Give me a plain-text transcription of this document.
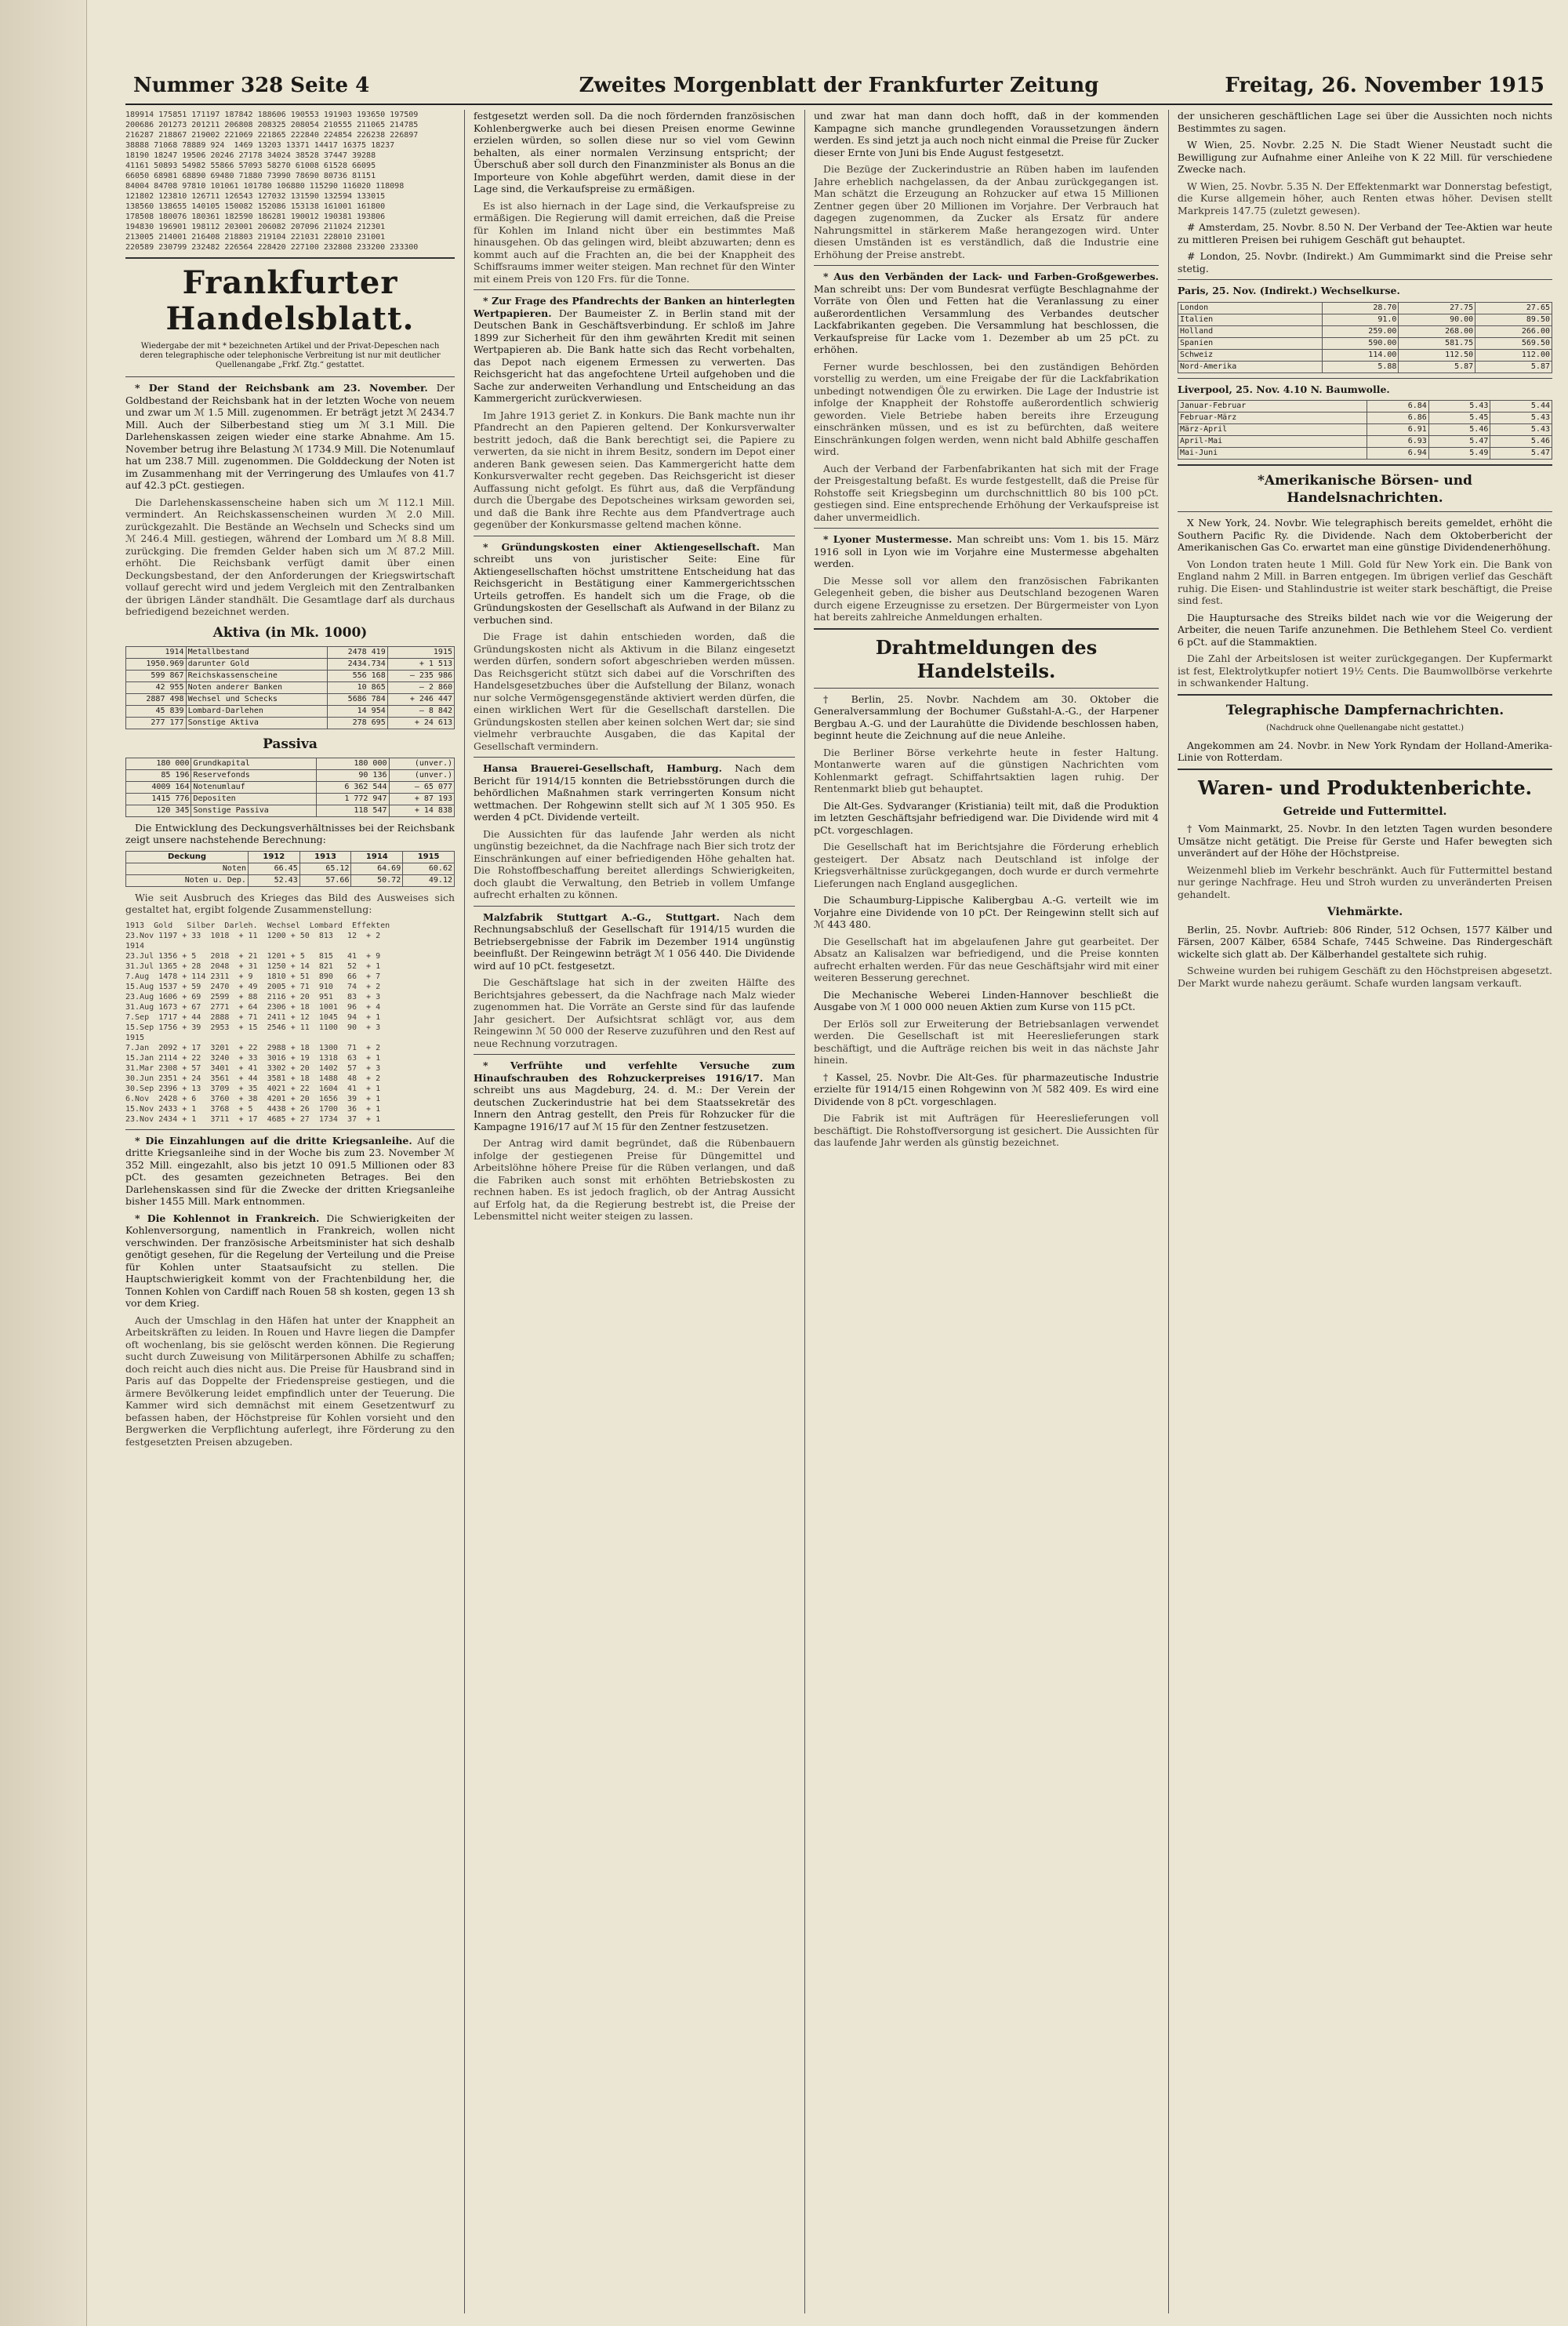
Nummer 328 Seite 4	Zweites Morgenblatt der Frankfurter Zeitung	Freitag, 26. November 1915
189914 175851 171197 187842 188606 190553 191903 193650 197509
200686 201273 201211 206808 208325 208054 210555 211065 214785
216287 218867 219002 221069 221865 222840 224854 226238 226897
38888 71068 78889 924  1469 13203 13371 14417 16375 18237
18190 18247 19506 20246 27178 34024 38528 37447 39288
41161 50893 54982 55866 57093 58270 61008 61528 66095
66050 68981 68890 69480 71880 73990 78690 80736 81151
84004 84708 97810 101061 101780 106880 115290 116020 118098
121802 123810 126711 126543 127032 131590 132594 133015
138560 138655 140105 150082 152086 153138 161001 161800
178508 180076 180361 182590 186281 190012 190381 193806
194830 196901 198112 203001 206082 207096 211024 212301
213005 214001 216408 218803 219104 221031 228010 231001
220589 230799 232482 226564 228420 227100 232808 233200 233300
Frankfurter Handelsblatt.
Wiedergabe der mit * bezeichneten Artikel und der Privat-Depeschen nach deren telegraphische oder telephonische Verbreitung ist nur mit deutlicher Quellenangabe „Frkf. Ztg.“ gestattet.

* Der Stand der Reichsbank am 23. November. Der Goldbestand der Reichsbank hat in der letzten Woche von neuem und zwar um ℳ 1.5 Mill. zugenommen. Er beträgt jetzt ℳ 2434.7 Mill. Auch der Silberbestand stieg um ℳ 3.1 Mill. Die Darlehenskassen zeigen wieder eine starke Abnahme. Am 15. November betrug ihre Belastung ℳ 1734.9 Mill. Die Notenumlauf hat um 238.7 Mill. zugenommen. Die Golddeckung der Noten ist im Zusammenhang mit der Verringerung des Umlaufes von 41.7 auf 42.3 pCt. gestiegen.

Die Darlehenskassenscheine haben sich um ℳ 112.1 Mill. vermindert. An Reichskassenscheinen wurden ℳ 2.0 Mill. zurückgezahlt. Die Bestände an Wechseln und Schecks sind um ℳ 246.4 Mill. gestiegen, während der Lombard um ℳ 8.8 Mill. zurückging. Die fremden Gelder haben sich um ℳ 87.2 Mill. erhöht. Die Reichsbank verfügt damit über einen Deckungsbestand, der den Anforderungen der Kriegswirtschaft vollauf gerecht wird und jedem Vergleich mit den Zentralbanken der übrigen Länder standhält. Die Gesamtlage darf als durchaus befriedigend bezeichnet werden.

Aktiva (in Mk. 1000)
1914	Metallbestand	2478 419	1915
1950.969	darunter Gold	2434.734	+ 1 513
599 867	Reichskassenscheine	556 168	— 235 986
42 955	Noten anderer Banken	10 865	— 2 860
2887 498	Wechsel und Schecks	5686 784	+ 246 447
45 839	Lombard-Darlehen	14 954	— 8 842
277 177	Sonstige Aktiva	278 695	+ 24 613
Passiva
180 000	Grundkapital	180 000	(unver.)
85 196	Reservefonds	90 136	(unver.)
4009 164	Notenumlauf	6 362 544	— 65 077
1415 776	Depositen	1 772 947	+ 87 193
120 345	Sonstige Passiva	118 547	+ 14 838

Die Entwicklung des Deckungsverhältnisses bei der Reichsbank zeigt unsere nachstehende Berechnung:

Deckung	1912	1913	1914	1915
Noten	66.45	65.12	64.69	60.62
Noten u. Dep.	52.43	57.66	50.72	49.12

Wie seit Ausbruch des Krieges das Bild des Ausweises sich gestaltet hat, ergibt folgende Zusammenstellung:

1913  Gold   Silber  Darleh.  Wechsel  Lombard  Effekten
23.Nov 1197 + 33  1018  + 11  1200 + 50  813   12  + 2
1914
23.Jul 1356 + 5   2018  + 21  1201 + 5   815   41  + 9
31.Jul 1365 + 28  2048  + 31  1250 + 14  821   52  + 1
7.Aug  1478 + 114 2311  + 9   1810 + 51  890   66  + 7
15.Aug 1537 + 59  2470  + 49  2005 + 71  910   74  + 2
23.Aug 1606 + 69  2599  + 88  2116 + 20  951   83  + 3
31.Aug 1673 + 67  2771  + 64  2306 + 18  1001  96  + 4
7.Sep  1717 + 44  2888  + 71  2411 + 12  1045  94  + 1
15.Sep 1756 + 39  2953  + 15  2546 + 11  1100  90  + 3
1915
7.Jan  2092 + 17  3201  + 22  2988 + 18  1300  71  + 2
15.Jan 2114 + 22  3240  + 33  3016 + 19  1318  63  + 1
31.Mar 2308 + 57  3401  + 41  3302 + 20  1402  57  + 3
30.Jun 2351 + 24  3561  + 44  3581 + 18  1488  48  + 2
30.Sep 2396 + 13  3709  + 35  4021 + 22  1604  41  + 1
6.Nov  2428 + 6   3760  + 38  4201 + 20  1656  39  + 1
15.Nov 2433 + 1   3768  + 5   4438 + 26  1700  36  + 1
23.Nov 2434 + 1   3711  + 17  4685 + 27  1734  37  + 1

* Die Einzahlungen auf die dritte Kriegsanleihe. Auf die dritte Kriegsanleihe sind in der Woche bis zum 23. November ℳ 352 Mill. eingezahlt, also bis jetzt 10 091.5 Millionen oder 83 pCt. des gesamten gezeichneten Betrages. Bei den Darlehenskassen sind für die Zwecke der dritten Kriegsanleihe bisher 1455 Mill. Mark entnommen.

* Die Kohlennot in Frankreich. Die Schwierigkeiten der Kohlenversorgung, namentlich in Frankreich, wollen nicht verschwinden. Der französische Arbeitsminister hat sich deshalb genötigt gesehen, für die Regelung der Verteilung und die Preise für Kohlen unter Staatsaufsicht zu stellen. Die Hauptschwierigkeit kommt von der Frachtenbildung her, die Tonnen Kohlen von Cardiff nach Rouen 58 sh kosten, gegen 13 sh vor dem Krieg.

Auch der Umschlag in den Häfen hat unter der Knappheit an Arbeitskräften zu leiden. In Rouen und Havre liegen die Dampfer oft wochenlang, bis sie gelöscht werden können. Die Regierung sucht durch Zuweisung von Militärpersonen Abhilfe zu schaffen; doch reicht auch dies nicht aus. Die Preise für Hausbrand sind in Paris auf das Doppelte der Friedenspreise gestiegen, und die ärmere Bevölkerung leidet empfindlich unter der Teuerung. Die Kammer wird sich demnächst mit einem Gesetzentwurf zu befassen haben, der Höchstpreise für Kohlen vorsieht und den Bergwerken die Verpflichtung auferlegt, ihre Förderung zu den festgesetzten Preisen abzugeben.

festgesetzt werden soll. Da die noch fördernden französischen Kohlenbergwerke auch bei diesen Preisen enorme Gewinne erzielen würden, so sollen diese nur so viel vom Gewinn behalten, als einer normalen Verzinsung entspricht; der Überschuß aber soll durch den Finanzminister als Bonus an die Importeure von Kohle abgeführt werden, damit diese in der Lage sind, die Verkaufspreise zu ermäßigen.

Es ist also hiernach in der Lage sind, die Verkaufspreise zu ermäßigen. Die Regierung will damit erreichen, daß die Preise für Kohlen im Inland nicht über ein bestimmtes Maß hinausgehen. Ob das gelingen wird, bleibt abzuwarten; denn es kommt auch auf die Frachten an, die bei der Knappheit des Schiffsraums immer weiter steigen. Man rechnet für den Winter mit einem Preis von 120 Frs. für die Tonne.

* Zur Frage des Pfandrechts der Banken an hinterlegten Wertpapieren. Der Baumeister Z. in Berlin stand mit der Deutschen Bank in Geschäftsverbindung. Er schloß im Jahre 1899 zur Sicherheit für den ihm gewährten Kredit mit seinen Wertpapieren ab. Die Bank hatte sich das Recht vorbehalten, das Depot nach eigenem Ermessen zu verwerten. Das Reichsgericht hat das angefochtene Urteil aufgehoben und die Sache zur anderweiten Verhandlung und Entscheidung an das Kammergericht zurückverwiesen.

Im Jahre 1913 geriet Z. in Konkurs. Die Bank machte nun ihr Pfandrecht an den Papieren geltend. Der Konkursverwalter bestritt jedoch, daß die Bank berechtigt sei, die Papiere zu verwerten, da sie nicht in ihrem Besitz, sondern im Depot einer anderen Bank gewesen seien. Das Kammergericht hatte dem Konkursverwalter recht gegeben. Das Reichsgericht ist dieser Auffassung nicht gefolgt. Es führt aus, daß die Verpfändung durch die Übergabe des Depotscheines wirksam geworden sei, und daß die Bank ihre Rechte aus dem Pfandvertrage auch gegenüber der Konkursmasse geltend machen könne.

* Gründungskosten einer Aktiengesellschaft. Man schreibt uns von juristischer Seite: Eine für Aktiengesellschaften höchst umstrittene Entscheidung hat das Reichsgericht in Bestätigung einer Kammergerichtsschen Urteils getroffen. Es handelt sich um die Frage, ob die Gründungskosten der Gesellschaft als Aufwand in der Bilanz zu verbuchen sind.

Die Frage ist dahin entschieden worden, daß die Gründungskosten nicht als Aktivum in die Bilanz eingesetzt werden dürfen, sondern sofort abgeschrieben werden müssen. Das Reichsgericht stützt sich dabei auf die Vorschriften des Handelsgesetzbuches über die Aufstellung der Bilanz, wonach nur solche Vermögensgegenstände aktiviert werden dürfen, die einen wirklichen Wert für die Gesellschaft darstellen. Die Gründungskosten stellen aber keinen solchen Wert dar; sie sind vielmehr verbrauchte Ausgaben, die das Kapital der Gesellschaft vermindern.

Hansa Brauerei-Gesellschaft, Hamburg. Nach dem Bericht für 1914/15 konnten die Betriebsstörungen durch die behördlichen Maßnahmen stark verringerten Konsum nicht wettmachen. Der Rohgewinn stellt sich auf ℳ 1 305 950. Es werden 4 pCt. Dividende verteilt.

Die Aussichten für das laufende Jahr werden als nicht ungünstig bezeichnet, da die Nachfrage nach Bier sich trotz der Einschränkungen auf einer befriedigenden Höhe gehalten hat. Die Rohstoffbeschaffung bereitet allerdings Schwierigkeiten, doch glaubt die Verwaltung, den Betrieb in vollem Umfange aufrecht erhalten zu können.

Malzfabrik Stuttgart A.-G., Stuttgart. Nach dem Rechnungsabschluß der Gesellschaft für 1914/15 wurden die Betriebsergebnisse der Fabrik im Dezember 1914 ungünstig beeinflußt. Der Reingewinn beträgt ℳ 1 056 440. Die Dividende wird auf 10 pCt. festgesetzt.

Die Geschäftslage hat sich in der zweiten Hälfte des Berichtsjahres gebessert, da die Nachfrage nach Malz wieder zugenommen hat. Die Vorräte an Gerste sind für das laufende Jahr gesichert. Der Aufsichtsrat schlägt vor, aus dem Reingewinn ℳ 50 000 der Reserve zuzuführen und den Rest auf neue Rechnung vorzutragen.

* Verfrühte und verfehlte Versuche zum Hinaufschrauben des Rohzuckerpreises 1916/17. Man schreibt uns aus Magdeburg, 24. d. M.: Der Verein der deutschen Zuckerindustrie hat bei dem Staatssekretär des Innern den Antrag gestellt, den Preis für Rohzucker für die Kampagne 1916/17 auf ℳ 15 für den Zentner festzusetzen.

Der Antrag wird damit begründet, daß die Rübenbauern infolge der gestiegenen Preise für Düngemittel und Arbeitslöhne höhere Preise für die Rüben verlangen, und daß die Fabriken auch sonst mit erhöhten Betriebskosten zu rechnen haben. Es ist jedoch fraglich, ob der Antrag Aussicht auf Erfolg hat, da die Regierung bestrebt ist, die Preise der Lebensmittel nicht weiter steigen zu lassen.

und zwar hat man dann doch hofft, daß in der kommenden Kampagne sich manche grundlegenden Voraussetzungen ändern werden. Es sind jetzt ja auch noch nicht einmal die Preise für Zucker dieser Ernte von Juni bis Ende August festgesetzt.

Die Bezüge der Zuckerindustrie an Rüben haben im laufenden Jahre erheblich nachgelassen, da der Anbau zurückgegangen ist. Man schätzt die Erzeugung an Rohzucker auf etwa 15 Millionen Zentner gegen über 20 Millionen im Vorjahre. Der Verbrauch hat dagegen zugenommen, da Zucker als Ersatz für andere Nahrungsmittel in stärkerem Maße herangezogen wird. Unter diesen Umständen ist es verständlich, daß die Industrie eine Erhöhung der Preise anstrebt.

* Aus den Verbänden der Lack- und Farben-Großgewerbes. Man schreibt uns: Der vom Bundesrat verfügte Beschlagnahme der Vorräte von Ölen und Fetten hat die Veranlassung zu einer außerordentlichen Versammlung des Verbandes deutscher Lackfabrikanten gegeben. Die Versammlung hat beschlossen, die Verkaufspreise für Lacke vom 1. Dezember ab um 25 pCt. zu erhöhen.

Ferner wurde beschlossen, bei den zuständigen Behörden vorstellig zu werden, um eine Freigabe der für die Lackfabrikation unbedingt notwendigen Öle zu erwirken. Die Lage der Industrie ist infolge der Knappheit der Rohstoffe außerordentlich schwierig geworden. Viele Betriebe haben bereits ihre Erzeugung einschränken müssen, und es ist zu befürchten, daß weitere Einschränkungen folgen werden, wenn nicht bald Abhilfe geschaffen wird.

Auch der Verband der Farbenfabrikanten hat sich mit der Frage der Preisgestaltung befaßt. Es wurde festgestellt, daß die Preise für Rohstoffe seit Kriegsbeginn um durchschnittlich 80 bis 100 pCt. gestiegen sind. Eine entsprechende Erhöhung der Verkaufspreise ist daher unvermeidlich.

* Lyoner Mustermesse. Man schreibt uns: Vom 1. bis 15. März 1916 soll in Lyon wie im Vorjahre eine Mustermesse abgehalten werden.

Die Messe soll vor allem den französischen Fabrikanten Gelegenheit geben, die bisher aus Deutschland bezogenen Waren durch eigene Erzeugnisse zu ersetzen. Der Bürgermeister von Lyon hat bereits zahlreiche Anmeldungen erhalten.

Drahtmeldungen des Handelsteils.

† Berlin, 25. Novbr. Nachdem am 30. Oktober die Generalversammlung der Bochumer Gußstahl-A.-G., der Harpener Bergbau A.-G. und der Laurahütte die Dividende beschlossen haben, beginnt heute die Zeichnung auf die neue Anleihe.

Die Berliner Börse verkehrte heute in fester Haltung. Montanwerte waren auf die günstigen Nachrichten vom Kohlenmarkt gefragt. Schiffahrtsaktien lagen ruhig. Der Rentenmarkt blieb gut behauptet.

Die Alt-Ges. Sydvaranger (Kristiania) teilt mit, daß die Produktion im letzten Geschäftsjahr befriedigend war. Die Dividende wird mit 4 pCt. vorgeschlagen.

Die Gesellschaft hat im Berichtsjahre die Förderung erheblich gesteigert. Der Absatz nach Deutschland ist infolge der Kriegsverhältnisse zurückgegangen, doch wurde er durch vermehrte Lieferungen nach England ausgeglichen.

Die Schaumburg-Lippische Kalibergbau A.-G. verteilt wie im Vorjahre eine Dividende von 10 pCt. Der Reingewinn stellt sich auf ℳ 443 480.

Die Gesellschaft hat im abgelaufenen Jahre gut gearbeitet. Der Absatz an Kalisalzen war befriedigend, und die Preise konnten aufrecht erhalten werden. Für das neue Geschäftsjahr wird mit einer weiteren Besserung gerechnet.

Die Mechanische Weberei Linden-Hannover beschließt die Ausgabe von ℳ 1 000 000 neuen Aktien zum Kurse von 115 pCt.

Der Erlös soll zur Erweiterung der Betriebsanlagen verwendet werden. Die Gesellschaft ist mit Heereslieferungen stark beschäftigt, und die Aufträge reichen bis weit in das nächste Jahr hinein.

† Kassel, 25. Novbr. Die Alt-Ges. für pharmazeutische Industrie erzielte für 1914/15 einen Rohgewinn von ℳ 582 409. Es wird eine Dividende von 8 pCt. vorgeschlagen.

Die Fabrik ist mit Aufträgen für Heereslieferungen voll beschäftigt. Die Rohstoffversorgung ist gesichert. Die Aussichten für das laufende Jahr werden als günstig bezeichnet.

der unsicheren geschäftlichen Lage sei über die Aussichten noch nichts Bestimmtes zu sagen.

W Wien, 25. Novbr. 2.25 N. Die Stadt Wiener Neustadt sucht die Bewilligung zur Aufnahme einer Anleihe von K 22 Mill. für verschiedene Zwecke nach.

W Wien, 25. Novbr. 5.35 N. Der Effektenmarkt war Donnerstag befestigt, die Kurse allgemein höher, auch Renten etwas höher. Devisen stellt Markpreis 147.75 (zuletzt gewesen).

# Amsterdam, 25. Novbr. 8.50 N. Der Verband der Tee-Aktien war heute zu mittleren Preisen bei ruhigem Geschäft gut behauptet.

# London, 25. Novbr. (Indirekt.) Am Gummimarkt sind die Preise sehr stetig.

Paris, 25. Nov. (Indirekt.) Wechselkurse.

London	28.70	27.75	27.65
Italien	91.0	90.00	89.50
Holland	259.00	268.00	266.00
Spanien	590.00	581.75	569.50
Schweiz	114.00	112.50	112.00
Nord-Amerika	5.88	5.87	5.87

Liverpool, 25. Nov. 4.10 N. Baumwolle.

Januar-Februar	6.84	5.43	5.44
Februar-März	6.86	5.45	5.43
März-April	6.91	5.46	5.43
April-Mai	6.93	5.47	5.46
Mai-Juni	6.94	5.49	5.47
*Amerikanische Börsen- und Handelsnachrichten.

X New York, 24. Novbr. Wie telegraphisch bereits gemeldet, erhöht die Southern Pacific Ry. die Dividende. Nach dem Oktoberbericht der Amerikanischen Gas Co. erwartet man eine günstige Dividendenerhöhung.

Von London traten heute 1 Mill. Gold für New York ein. Die Bank von England nahm 2 Mill. in Barren entgegen. Im übrigen verlief das Geschäft ruhig. Die Eisen- und Stahlindustrie ist weiter stark beschäftigt, die Preise sind fest.

Die Hauptursache des Streiks bildet nach wie vor die Weigerung der Arbeiter, die neuen Tarife anzunehmen. Die Bethlehem Steel Co. verdient 6 pCt. auf die Stammaktien.

Die Zahl der Arbeitslosen ist weiter zurückgegangen. Der Kupfermarkt ist fest, Elektrolytkupfer notiert 19½ Cents. Die Baumwollbörse verkehrte in schwankender Haltung.

Telegraphische Dampfernachrichten.
(Nachdruck ohne Quellenangabe nicht gestattet.)

Angekommen am 24. Novbr. in New York Ryndam der Holland-Amerika-Linie von Rotterdam.

Waren- und Produktenberichte.
Getreide und Futtermittel.

† Vom Mainmarkt, 25. Novbr. In den letzten Tagen wurden besondere Umsätze nicht getätigt. Die Preise für Gerste und Hafer bewegten sich unverändert auf der Höhe der Höchstpreise.

Weizenmehl blieb im Verkehr beschränkt. Auch für Futtermittel bestand nur geringe Nachfrage. Heu und Stroh wurden zu unveränderten Preisen gehandelt.

Viehmärkte.

Berlin, 25. Novbr. Auftrieb: 806 Rinder, 512 Ochsen, 1577 Kälber und Färsen, 2007 Kälber, 6584 Schafe, 7445 Schweine. Das Rindergeschäft wickelte sich glatt ab. Der Kälberhandel gestaltete sich ruhig.

Schweine wurden bei ruhigem Geschäft zu den Höchstpreisen abgesetzt. Der Markt wurde nahezu geräumt. Schafe wurden langsam verkauft.
